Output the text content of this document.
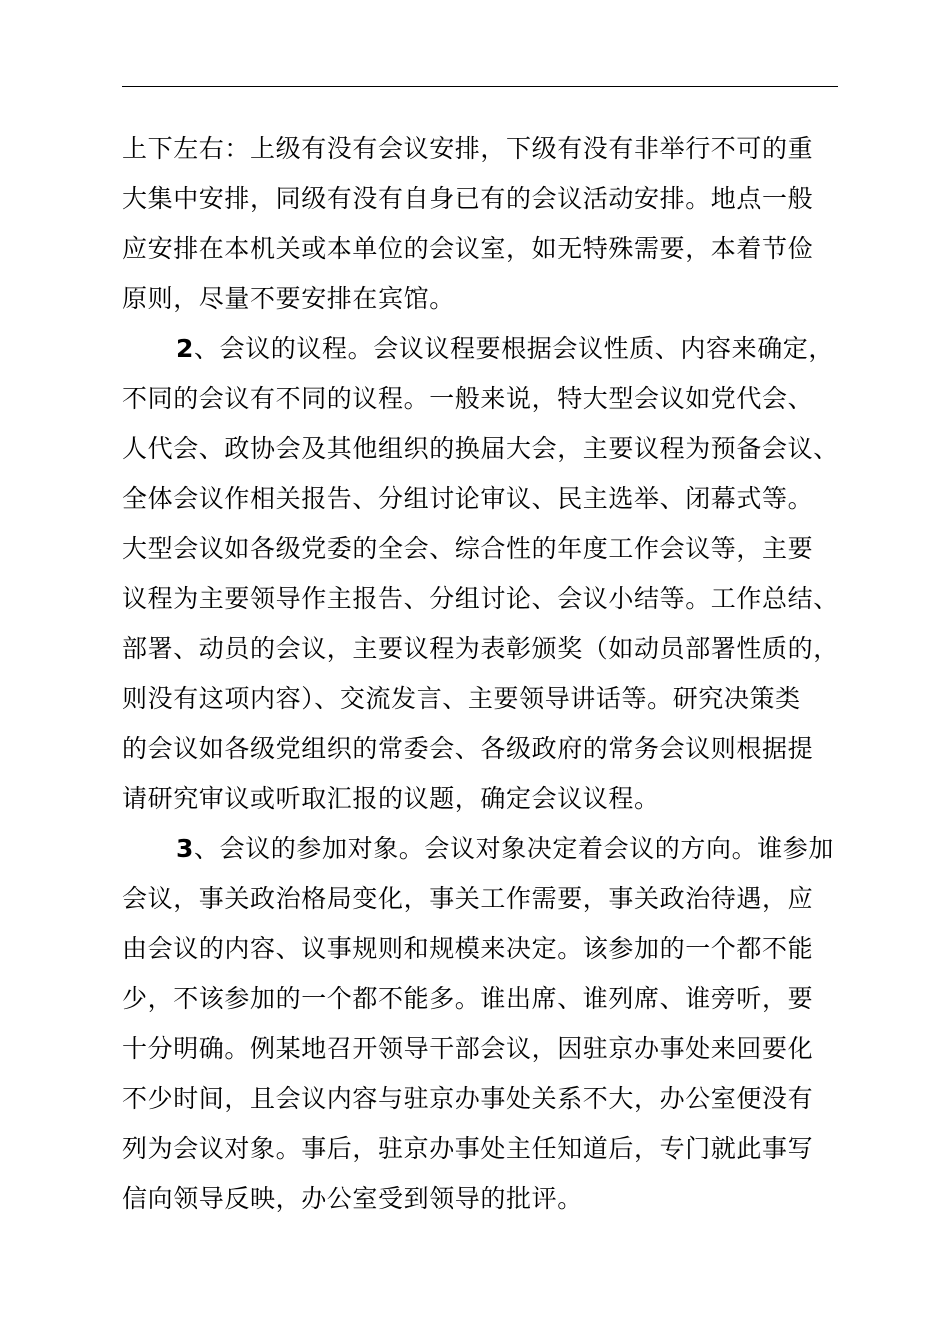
上下左右：上级有没有会议安排，下级有没有非举行不可的重
大集中安排，同级有没有自身已有的会议活动安排。地点一般
应安排在本机关或本单位的会议室，如无特殊需要，本着节俭
原则，尽量不要安排在宾馆。
2、会议的议程。会议议程要根据会议性质、内容来确定，
不同的会议有不同的议程。一般来说，特大型会议如党代会、
人代会、政协会及其他组织的换届大会，主要议程为预备会议、
全体会议作相关报告、分组讨论审议、民主选举、闭幕式等。
大型会议如各级党委的全会、综合性的年度工作会议等，主要
议程为主要领导作主报告、分组讨论、会议小结等。工作总结、
部署、动员的会议，主要议程为表彰颁奖（如动员部署性质的，
则没有这项内容）、交流发言、主要领导讲话等。研究决策类
的会议如各级党组织的常委会、各级政府的常务会议则根据提
请研究审议或听取汇报的议题，确定会议议程。
3、会议的参加对象。会议对象决定着会议的方向。谁参加
会议，事关政治格局变化，事关工作需要，事关政治待遇，应
由会议的内容、议事规则和规模来决定。该参加的一个都不能
少，不该参加的一个都不能多。谁出席、谁列席、谁旁听，要
十分明确。例某地召开领导干部会议，因驻京办事处来回要化
不少时间，且会议内容与驻京办事处关系不大，办公室便没有
列为会议对象。事后，驻京办事处主任知道后，专门就此事写
信向领导反映，办公室受到领导的批评。
